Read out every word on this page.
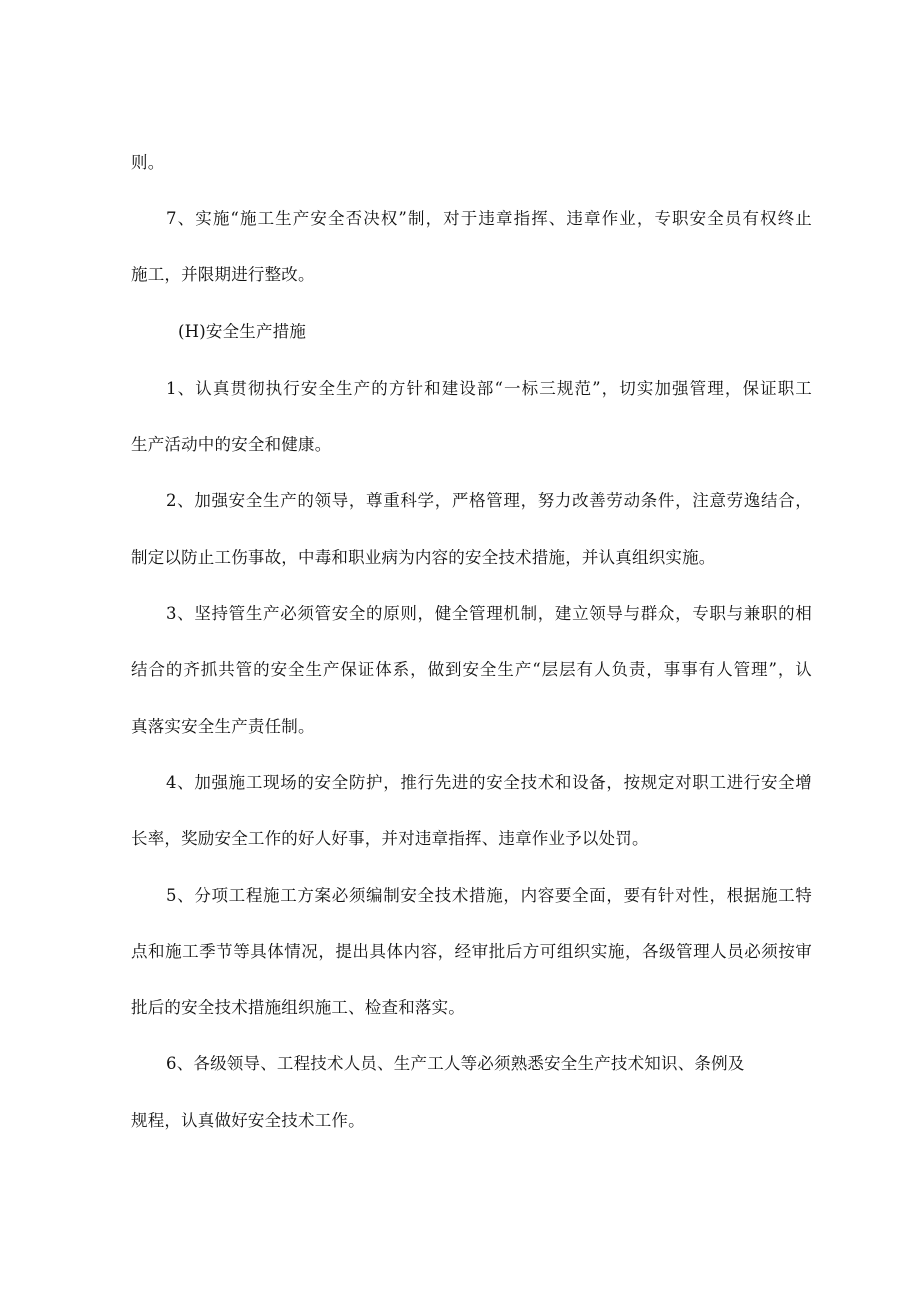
则。
7、实施“施工生产安全否决权”制，对于违章指挥、违章作业，专职安全员有权终止
施工，并限期进行整改。
(H)安全生产措施
1、认真贯彻执行安全生产的方针和建设部“一标三规范”，切实加强管理，保证职工
生产活动中的安全和健康。
2、加强安全生产的领导，尊重科学，严格管理，努力改善劳动条件，注意劳逸结合，
制定以防止工伤事故，中毒和职业病为内容的安全技术措施，并认真组织实施。
3、坚持管生产必须管安全的原则，健全管理机制，建立领导与群众，专职与兼职的相
结合的齐抓共管的安全生产保证体系，做到安全生产“层层有人负责，事事有人管理”，认
真落实安全生产责任制。
4、加强施工现场的安全防护，推行先进的安全技术和设备，按规定对职工进行安全增
长率，奖励安全工作的好人好事，并对违章指挥、违章作业予以处罚。
5、分项工程施工方案必须编制安全技术措施，内容要全面，要有针对性，根据施工特
点和施工季节等具体情况，提出具体内容，经审批后方可组织实施，各级管理人员必须按审
批后的安全技术措施组织施工、检查和落实。
6、各级领导、工程技术人员、生产工人等必须熟悉安全生产技术知识、条例及
规程，认真做好安全技术工作。
